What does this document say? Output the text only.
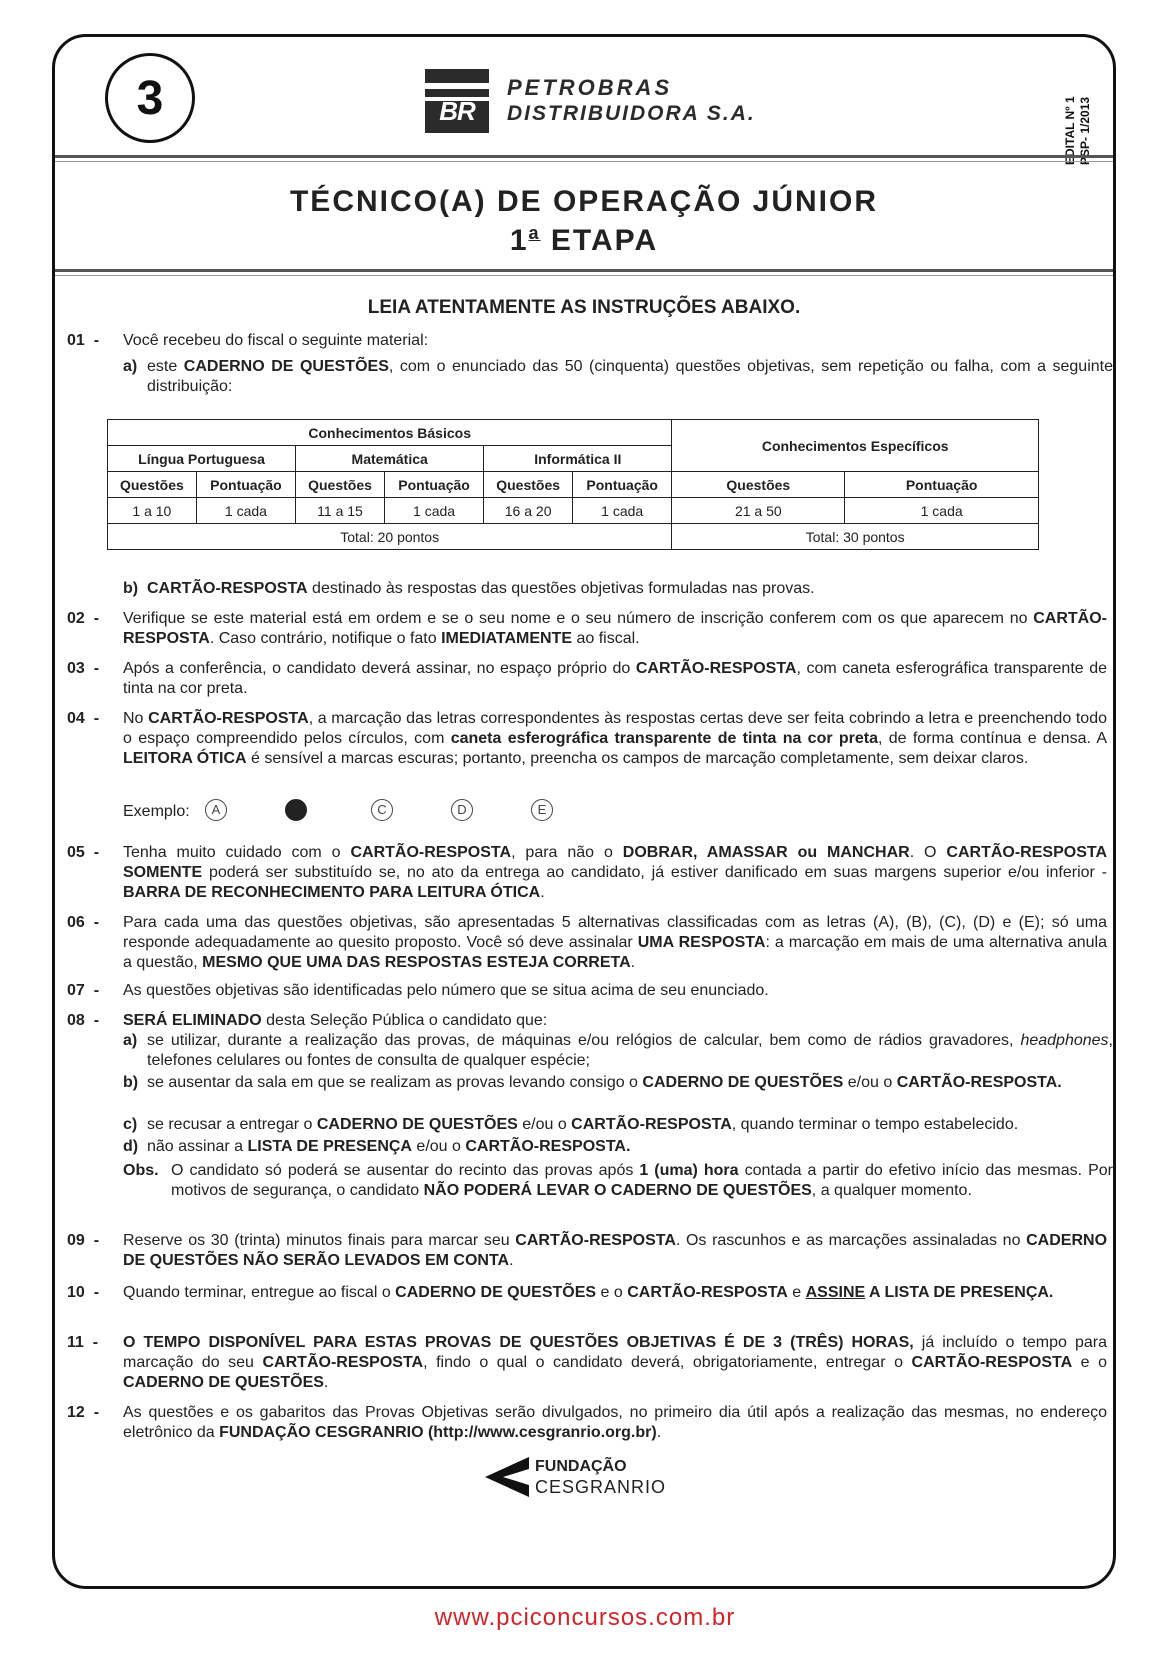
3	BR
PETROBRAS
DISTRIBUIDORA S.A.	EDITAL Nº 1 PSP- 1/2013
TÉCNICO(A) DE OPERAÇÃO JÚNIOR
1$^a$ ETAPA
LEIA ATENTAMENTE AS INSTRUÇÕES ABAIXO.
01  - Você recebeu do fiscal o seguinte material:
a) este CADERNO DE QUESTÕES, com o enunciado das 50 (cinquenta) questões objetivas, sem repetição ou falha, com a seguinte distribuição:
Conhecimentos Básicos						Conhecimentos Específicos	
Língua Portuguesa		Matemática		Informática II			
Questões	Pontuação	Questões	Pontuação	Questões	Pontuação	Questões	Pontuação
1 a 10	1 cada	11 a 15	1 cada	16 a 20	1 cada	21 a 50	1 cada
Total: 20 pontos						Total: 30 pontos	
b) CARTÃO-RESPOSTA destinado às respostas das questões objetivas formuladas nas provas.
02  - Verifique se este material está em ordem e se o seu nome e o seu número de inscrição conferem com os que aparecem no CARTÃO-RESPOSTA. Caso contrário, notifique o fato IMEDIATAMENTE ao fiscal.
03  - Após a conferência, o candidato deverá assinar, no espaço próprio do CARTÃO-RESPOSTA, com caneta esferográfica transparente de tinta na cor preta.
04  - No CARTÃO-RESPOSTA, a marcação das letras correspondentes às respostas certas deve ser feita cobrindo a letra e preenchendo todo o espaço compreendido pelos círculos, com caneta esferográfica transparente de tinta na cor preta, de forma contínua e densa. A LEITORA ÓTICA é sensível a marcas escuras; portanto, preencha os campos de marcação completamente, sem deixar claros.
Exemplo:	A	C	D	E
05  - Tenha muito cuidado com o CARTÃO-RESPOSTA, para não o DOBRAR, AMASSAR ou MANCHAR. O CARTÃO-RESPOSTA SOMENTE poderá ser substituído se, no ato da entrega ao candidato, já estiver danificado em suas margens superior e/ou inferior - BARRA DE RECONHECIMENTO PARA LEITURA ÓTICA.
06  - Para cada uma das questões objetivas, são apresentadas 5 alternativas classificadas com as letras (A), (B), (C), (D) e (E); só uma responde adequadamente ao quesito proposto. Você só deve assinalar UMA RESPOSTA: a marcação em mais de uma alternativa anula a questão, MESMO QUE UMA DAS RESPOSTAS ESTEJA CORRETA.
07  - As questões objetivas são identificadas pelo número que se situa acima de seu enunciado.
08  - SERÁ ELIMINADO desta Seleção Pública o candidato que:
a) se utilizar, durante a realização das provas, de máquinas e/ou relógios de calcular, bem como de rádios gravadores, headphones, telefones celulares ou fontes de consulta de qualquer espécie;
b) se ausentar da sala em que se realizam as provas levando consigo o CADERNO DE QUESTÕES e/ou o CARTÃO-RESPOSTA.
c) se recusar a entregar o CADERNO DE QUESTÕES e/ou o CARTÃO-RESPOSTA, quando terminar o tempo estabelecido.
d) não assinar a LISTA DE PRESENÇA e/ou o CARTÃO-RESPOSTA.
Obs. O candidato só poderá se ausentar do recinto das provas após 1 (uma) hora contada a partir do efetivo início das mesmas. Por motivos de segurança, o candidato NÃO PODERÁ LEVAR O CADERNO DE QUESTÕES, a qualquer momento.
09  - Reserve os 30 (trinta) minutos finais para marcar seu CARTÃO-RESPOSTA. Os rascunhos e as marcações assinaladas no CADERNO DE QUESTÕES NÃO SERÃO LEVADOS EM CONTA.
10  - Quando terminar, entregue ao fiscal o CADERNO DE QUESTÕES e o CARTÃO-RESPOSTA e ASSINE A LISTA DE PRESENÇA.
11  - O TEMPO DISPONÍVEL PARA ESTAS PROVAS DE QUESTÕES OBJETIVAS É DE 3 (TRÊS) HORAS, já incluído o tempo para marcação do seu CARTÃO-RESPOSTA, findo o qual o candidato deverá, obrigatoriamente, entregar o CARTÃO-RESPOSTA e o CADERNO DE QUESTÕES.
12  - As questões e os gabaritos das Provas Objetivas serão divulgados, no primeiro dia útil após a realização das mesmas, no endereço eletrônico da FUNDAÇÃO CESGRANRIO (http://www.cesgranrio.org.br).
FUNDAÇÃO
CESGRANRIO
www.pciconcursos.com.br
